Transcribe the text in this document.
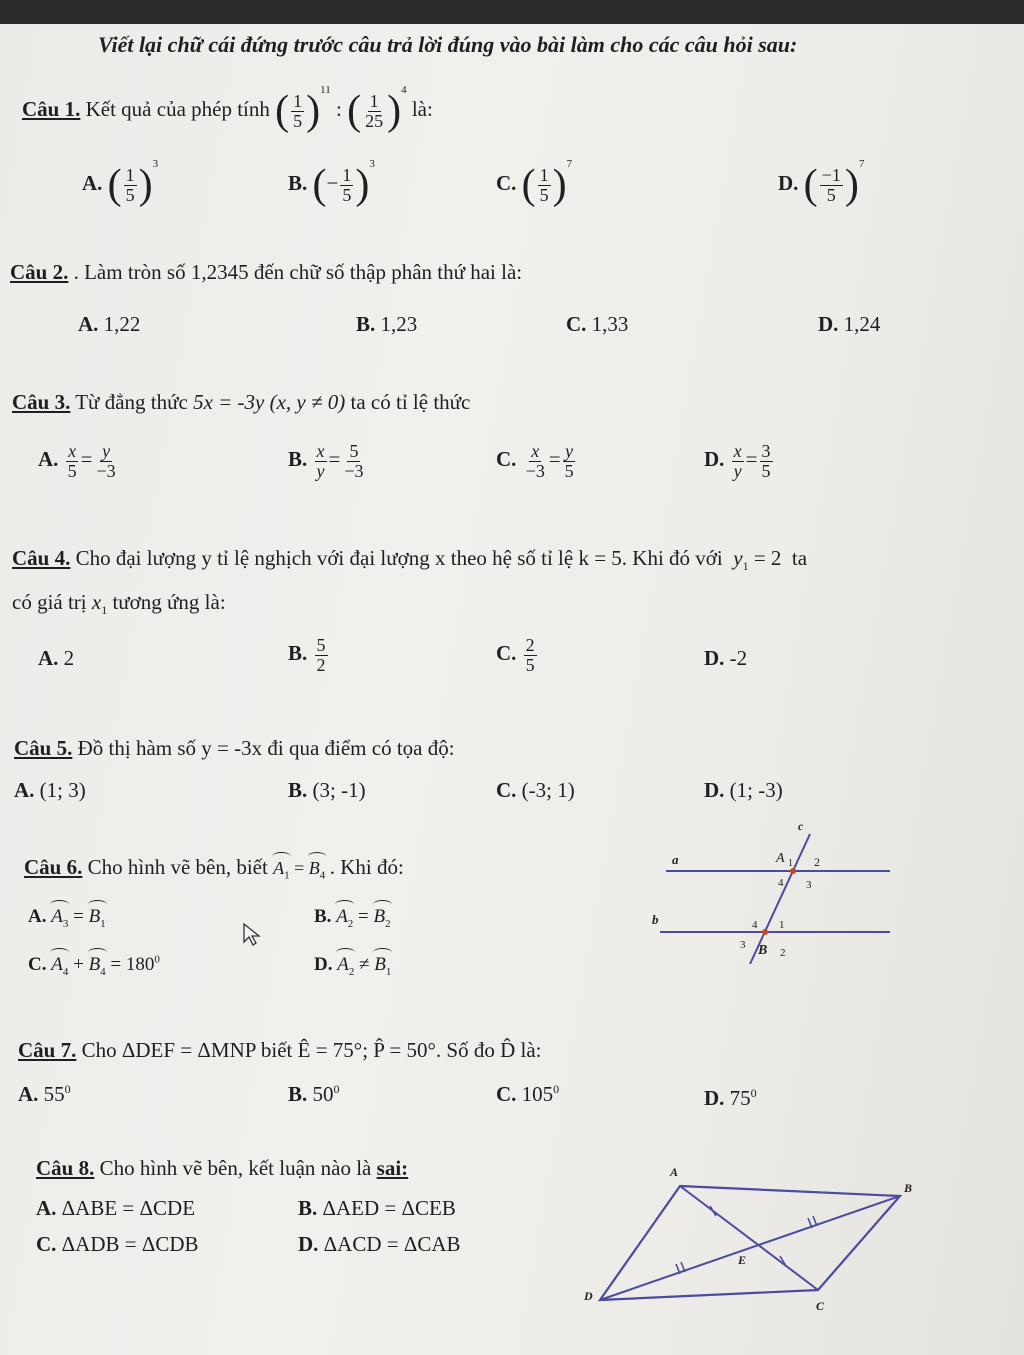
Viết lại chữ cái đứng trước câu trả lời đúng vào bài làm cho các câu hỏi sau:
Câu 1. Kết quả của phép tính ( $\frac{1}{5} )^{11}$ : ( $\frac{1}{25} )^4$ là:
A. ( $\frac{1}{5} )^3$
B. (− $\frac{1}{5} )^3$
C. ( $\frac{1}{5} )^7$
D. ( $\frac{-1}{5} )^7$
Câu 2. . Làm tròn số 1,2345 đến chữ số thập phân thứ hai là:
A. 1,22	B. 1,23	C. 1,33	D. 1,24
Câu 3. Từ đẳng thức 5x = -3y (x, y ≠ 0) ta có tỉ lệ thức
A. $\frac{x}{5} = \frac{y}{-3}$	B. $\frac{x}{y} = \frac{5}{-3}$	C. $\frac{x}{-3} = \frac{y}{5}$	D. $\frac{x}{y} = \frac{3}{5}$
Câu 4. Cho đại lượng y tỉ lệ nghịch với đại lượng x theo hệ số tỉ lệ k = 5. Khi đó với $y_1 = 2$ ta
có giá trị $x_1$ tương ứng là:
A. 2	B. $\frac{5}{2}$	C. $\frac{2}{5}$	D. -2
Câu 5. Đồ thị hàm số y = -3x đi qua điểm có tọa độ:
A. (1; 3)	B. (3; -1)	C. (-3; 1)	D. (1; -3)
Câu 6. Cho hình vẽ bên, biết $A_1 = B_4$ . Khi đó:
A. $A_3 = B_1$	B. $A_2 = B_2$
C. $A_4 + B_4 = 180^0$	D. $A_2 \ne B_1$
a
b
c
A 1 2
4 3
4 1
3 B 2
Câu 7. Cho ΔDEF = ΔMNP biết Ê = 75°; P̂ = 50°. Số đo D̂ là:
A. $55^0$	B. $50^0$	C. $105^0$	D. $75^0$
Câu 8. Cho hình vẽ bên, kết luận nào là sai:
A. ΔABE = ΔCDE	B. ΔAED = ΔCEB
C. ΔADB = ΔCDB	D. ΔACD = ΔCAB
A
B
C
D
E
